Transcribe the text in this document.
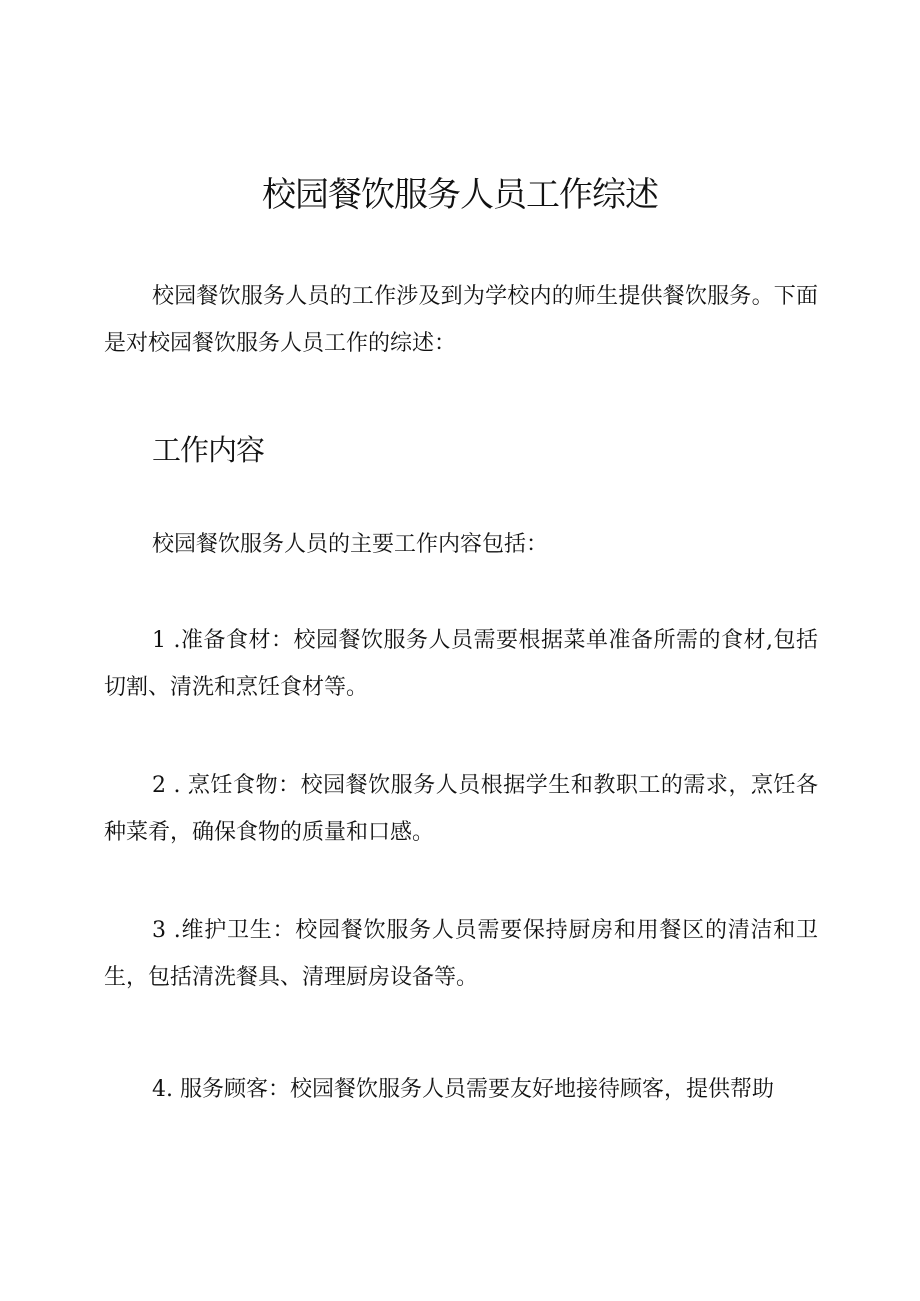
校园餐饮服务人员工作综述

校园餐饮服务人员的工作涉及到为学校内的师生提供餐饮服务。下面是对校园餐饮服务人员工作的综述：

工作内容

校园餐饮服务人员的主要工作内容包括：

1 .准备食材：校园餐饮服务人员需要根据菜单准备所需的食材,包括切割、清洗和烹饪食材等。

2 . 烹饪食物：校园餐饮服务人员根据学生和教职工的需求，烹饪各种菜肴，确保食物的质量和口感。

3 .维护卫生：校园餐饮服务人员需要保持厨房和用餐区的清洁和卫生，包括清洗餐具、清理厨房设备等。

4. 服务顾客：校园餐饮服务人员需要友好地接待顾客，提供帮助
